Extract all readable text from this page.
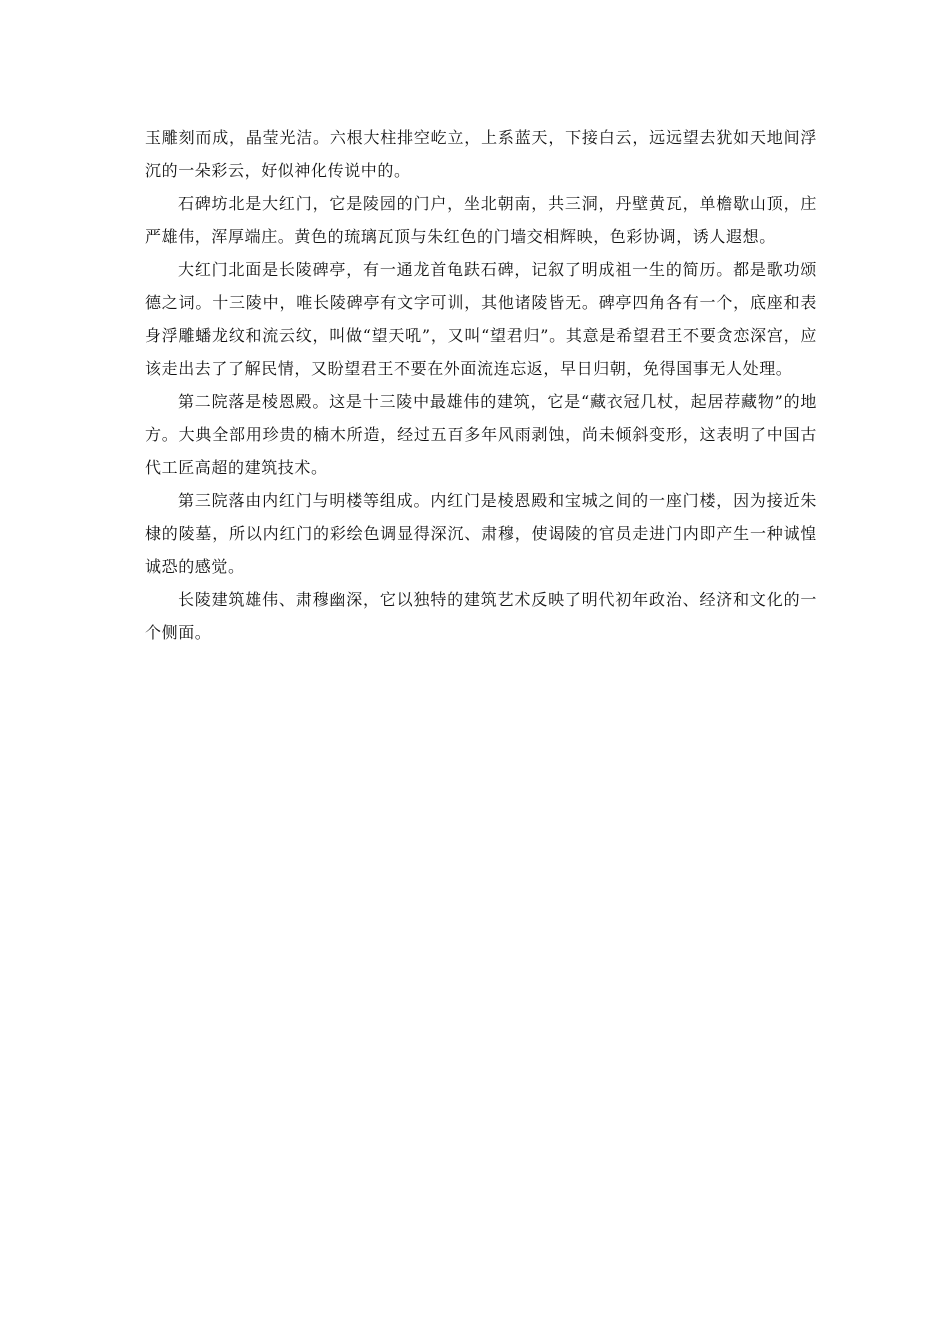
玉雕刻而成，晶莹光洁。六根大柱排空屹立，上系蓝天，下接白云，远远望去犹如天地间浮沉的一朵彩云，好似神化传说中的。

石碑坊北是大红门，它是陵园的门户，坐北朝南，共三洞，丹壁黄瓦，单檐歇山顶，庄严雄伟，浑厚端庄。黄色的琉璃瓦顶与朱红色的门墙交相辉映，色彩协调，诱人遐想。

大红门北面是长陵碑亭，有一通龙首龟趺石碑，记叙了明成祖一生的简历。都是歌功颂德之词。十三陵中，唯长陵碑亭有文字可训，其他诸陵皆无。碑亭四角各有一个，底座和表身浮雕蟠龙纹和流云纹，叫做“望天吼”，又叫“望君归”。其意是希望君王不要贪恋深宫，应该走出去了了解民情，又盼望君王不要在外面流连忘返，早日归朝，免得国事无人处理。

第二院落是棱恩殿。这是十三陵中最雄伟的建筑，它是“藏衣冠几杖，起居荐藏物”的地方。大典全部用珍贵的楠木所造，经过五百多年风雨剥蚀，尚未倾斜变形，这表明了中国古代工匠高超的建筑技术。

第三院落由内红门与明楼等组成。内红门是棱恩殿和宝城之间的一座门楼，因为接近朱棣的陵墓，所以内红门的彩绘色调显得深沉、肃穆，使谒陵的官员走进门内即产生一种诚惶诚恐的感觉。

长陵建筑雄伟、肃穆幽深，它以独特的建筑艺术反映了明代初年政治、经济和文化的一个侧面。
